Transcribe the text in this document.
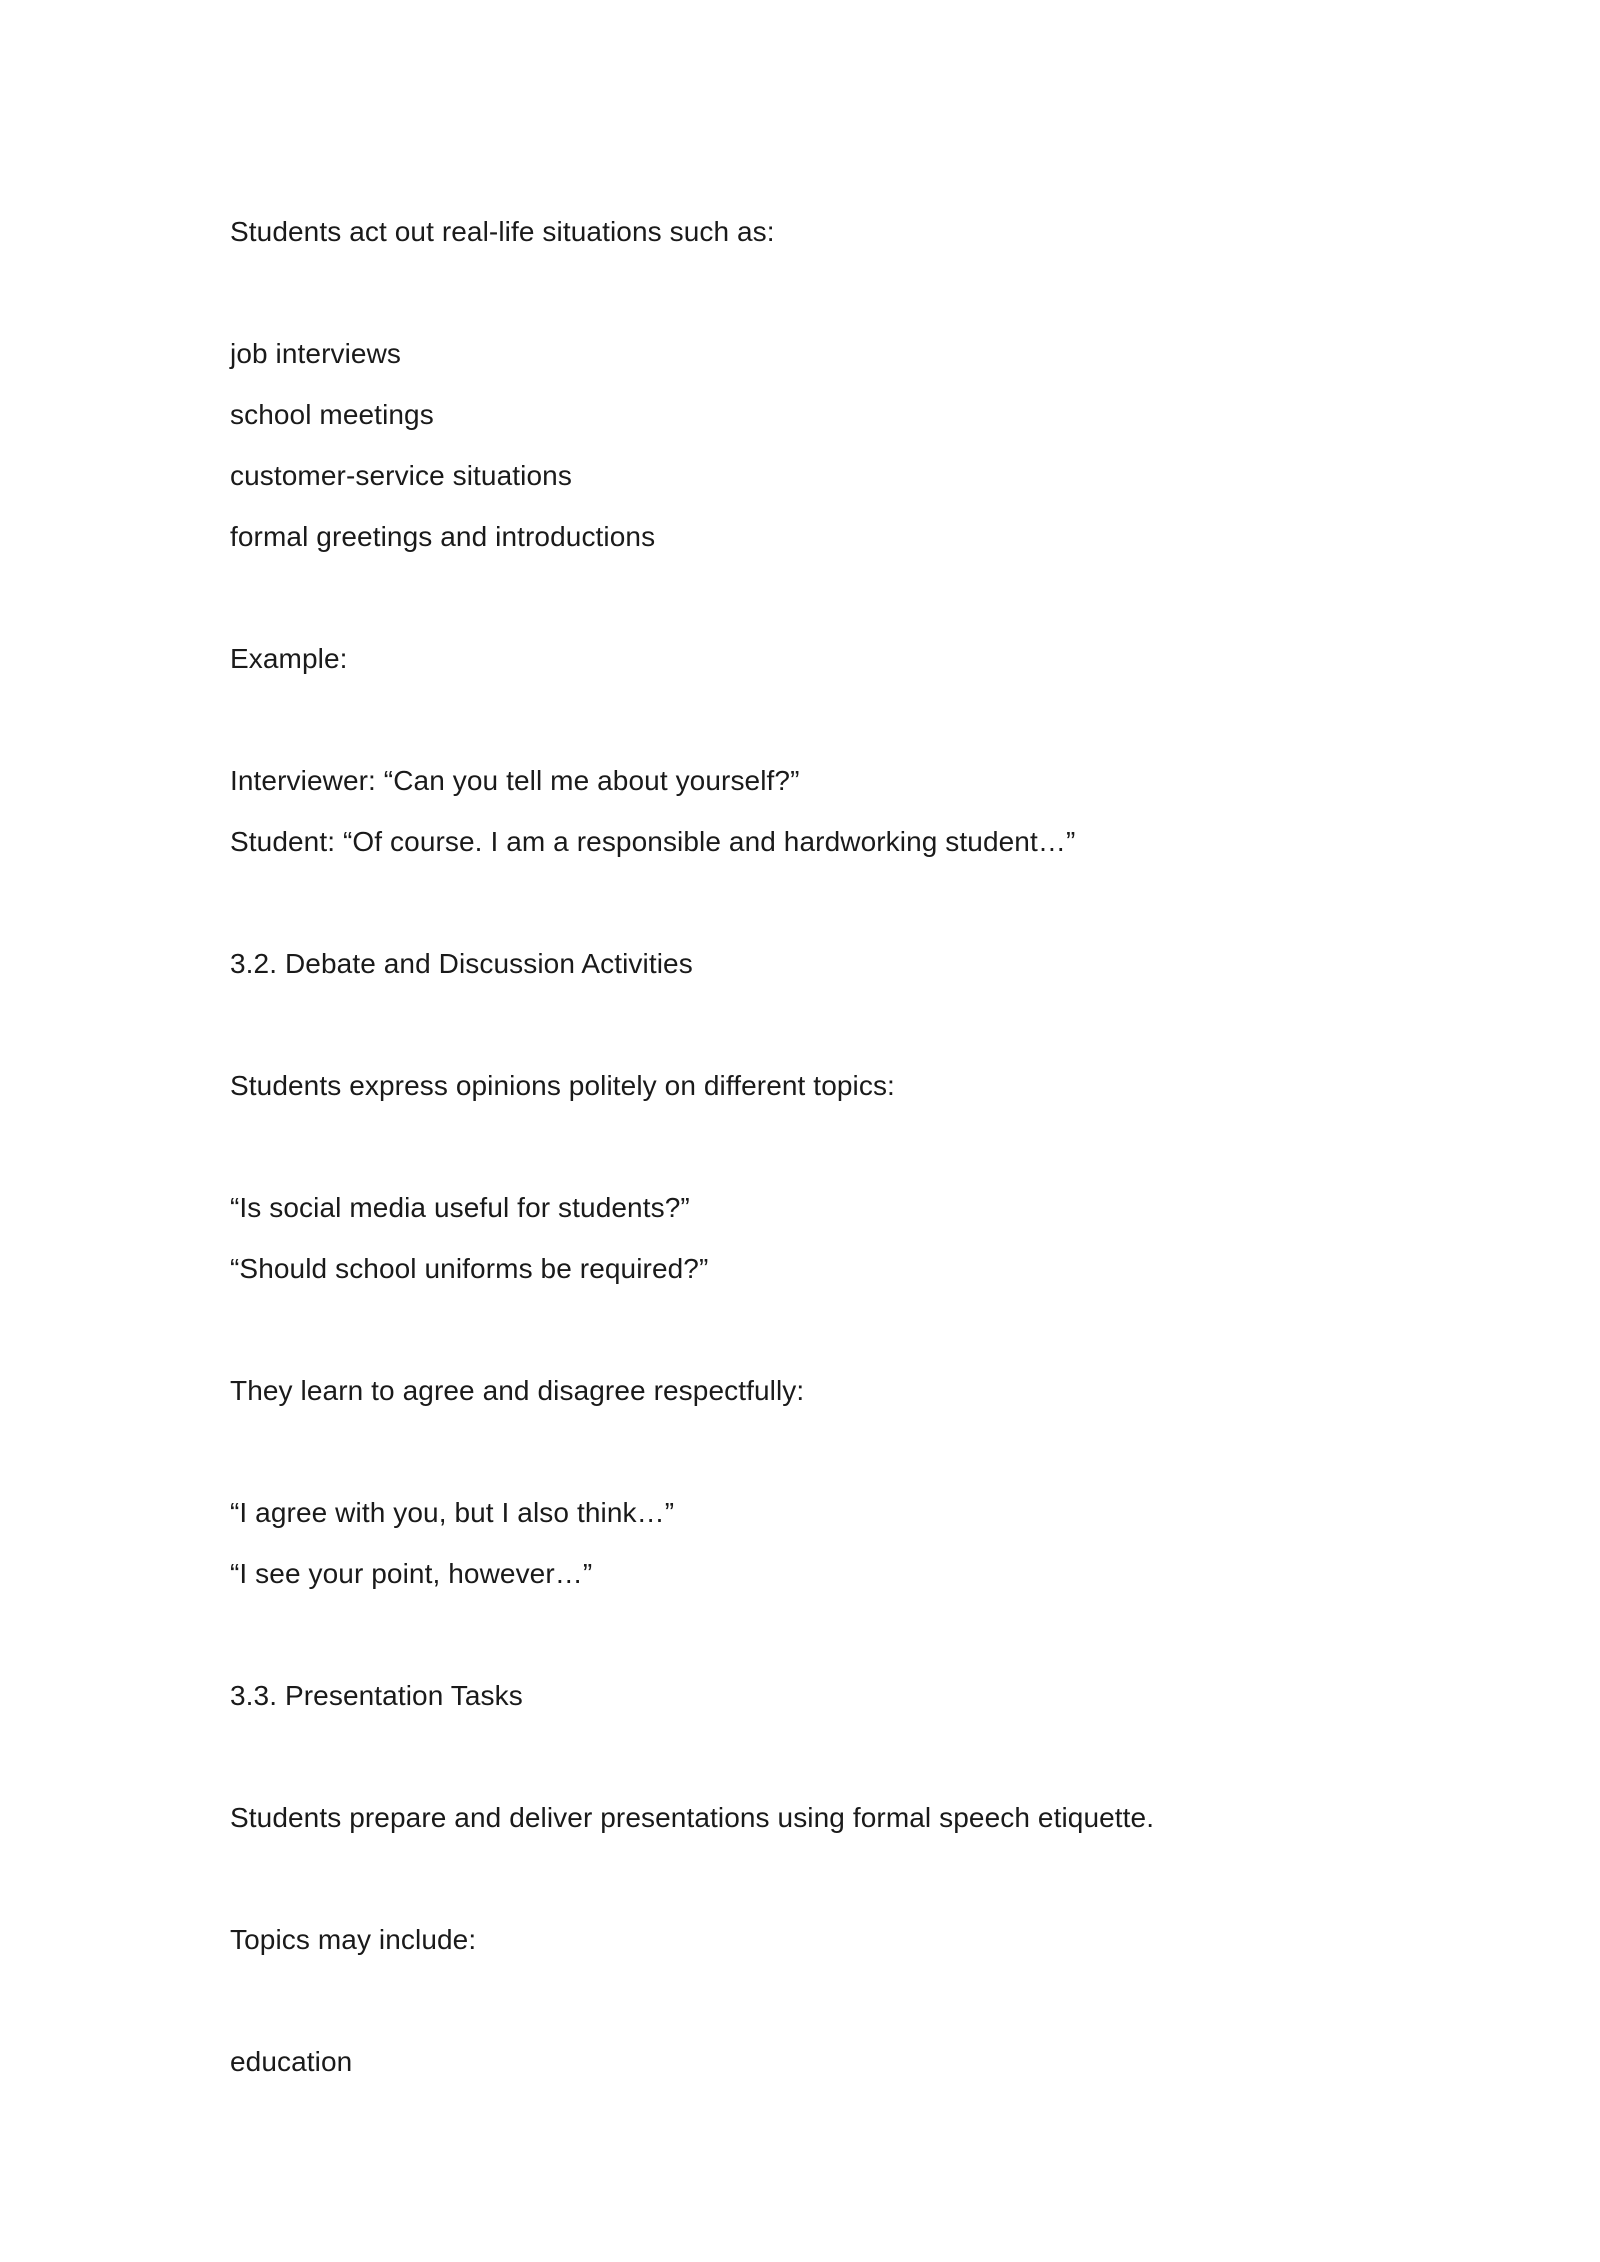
Students act out real-life situations such as:
job interviews
school meetings
customer-service situations
formal greetings and introductions
Example:
Interviewer: “Can you tell me about yourself?”
Student: “Of course. I am a responsible and hardworking student…”
3.2. Debate and Discussion Activities
Students express opinions politely on different topics:
“Is social media useful for students?”
“Should school uniforms be required?”
They learn to agree and disagree respectfully:
“I agree with you, but I also think…”
“I see your point, however…”
3.3. Presentation Tasks
Students prepare and deliver presentations using formal speech etiquette.
Topics may include:
education
